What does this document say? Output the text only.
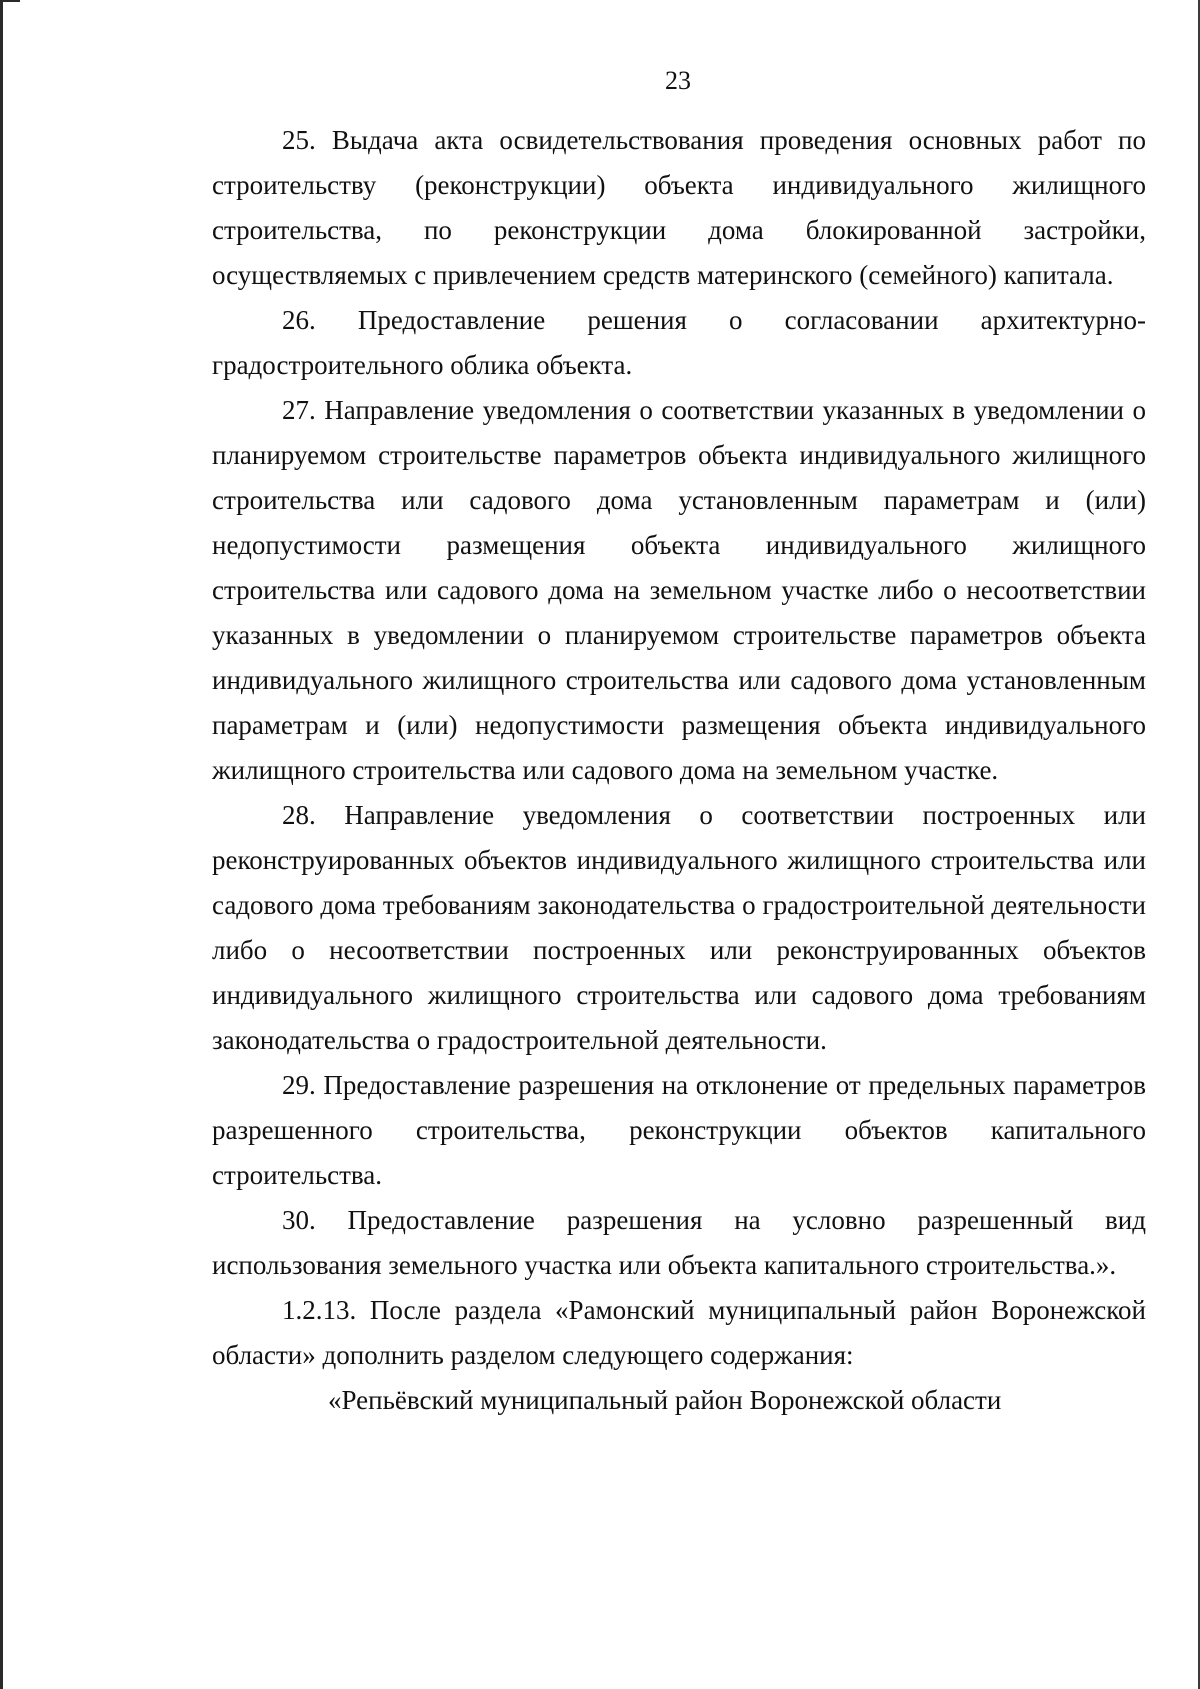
23

25. Выдача акта освидетельствования проведения основных работ по строительству (реконструкции) объекта индивидуального жилищного строительства, по реконструкции дома блокированной застройки, осуществляемых с привлечением средств материнского (семейного) капитала.

26. Предоставление решения о согласовании архитектурно-градостроительного облика объекта.

27. Направление уведомления о соответствии указанных в уведомлении о планируемом строительстве параметров объекта индивидуального жилищного строительства или садового дома установленным параметрам и (или) недопустимости размещения объекта индивидуального жилищного строительства или садового дома на земельном участке либо о несоответствии указанных в уведомлении о планируемом строительстве параметров объекта индивидуального жилищного строительства или садового дома установленным параметрам и (или) недопустимости размещения объекта индивидуального жилищного строительства или садового дома на земельном участке.

28. Направление уведомления о соответствии построенных или реконструированных объектов индивидуального жилищного строительства или садового дома требованиям законодательства о градостроительной деятельности либо о несоответствии построенных или реконструированных объектов индивидуального жилищного строительства или садового дома требованиям законодательства о градостроительной деятельности.

29. Предоставление разрешения на отклонение от предельных параметров разрешенного строительства, реконструкции объектов капитального строительства.

30. Предоставление разрешения на условно разрешенный вид использования земельного участка или объекта капитального строительства.».

1.2.13. После раздела «Рамонский муниципальный район Воронежской области» дополнить разделом следующего содержания:

«Репьёвский муниципальный район Воронежской области
